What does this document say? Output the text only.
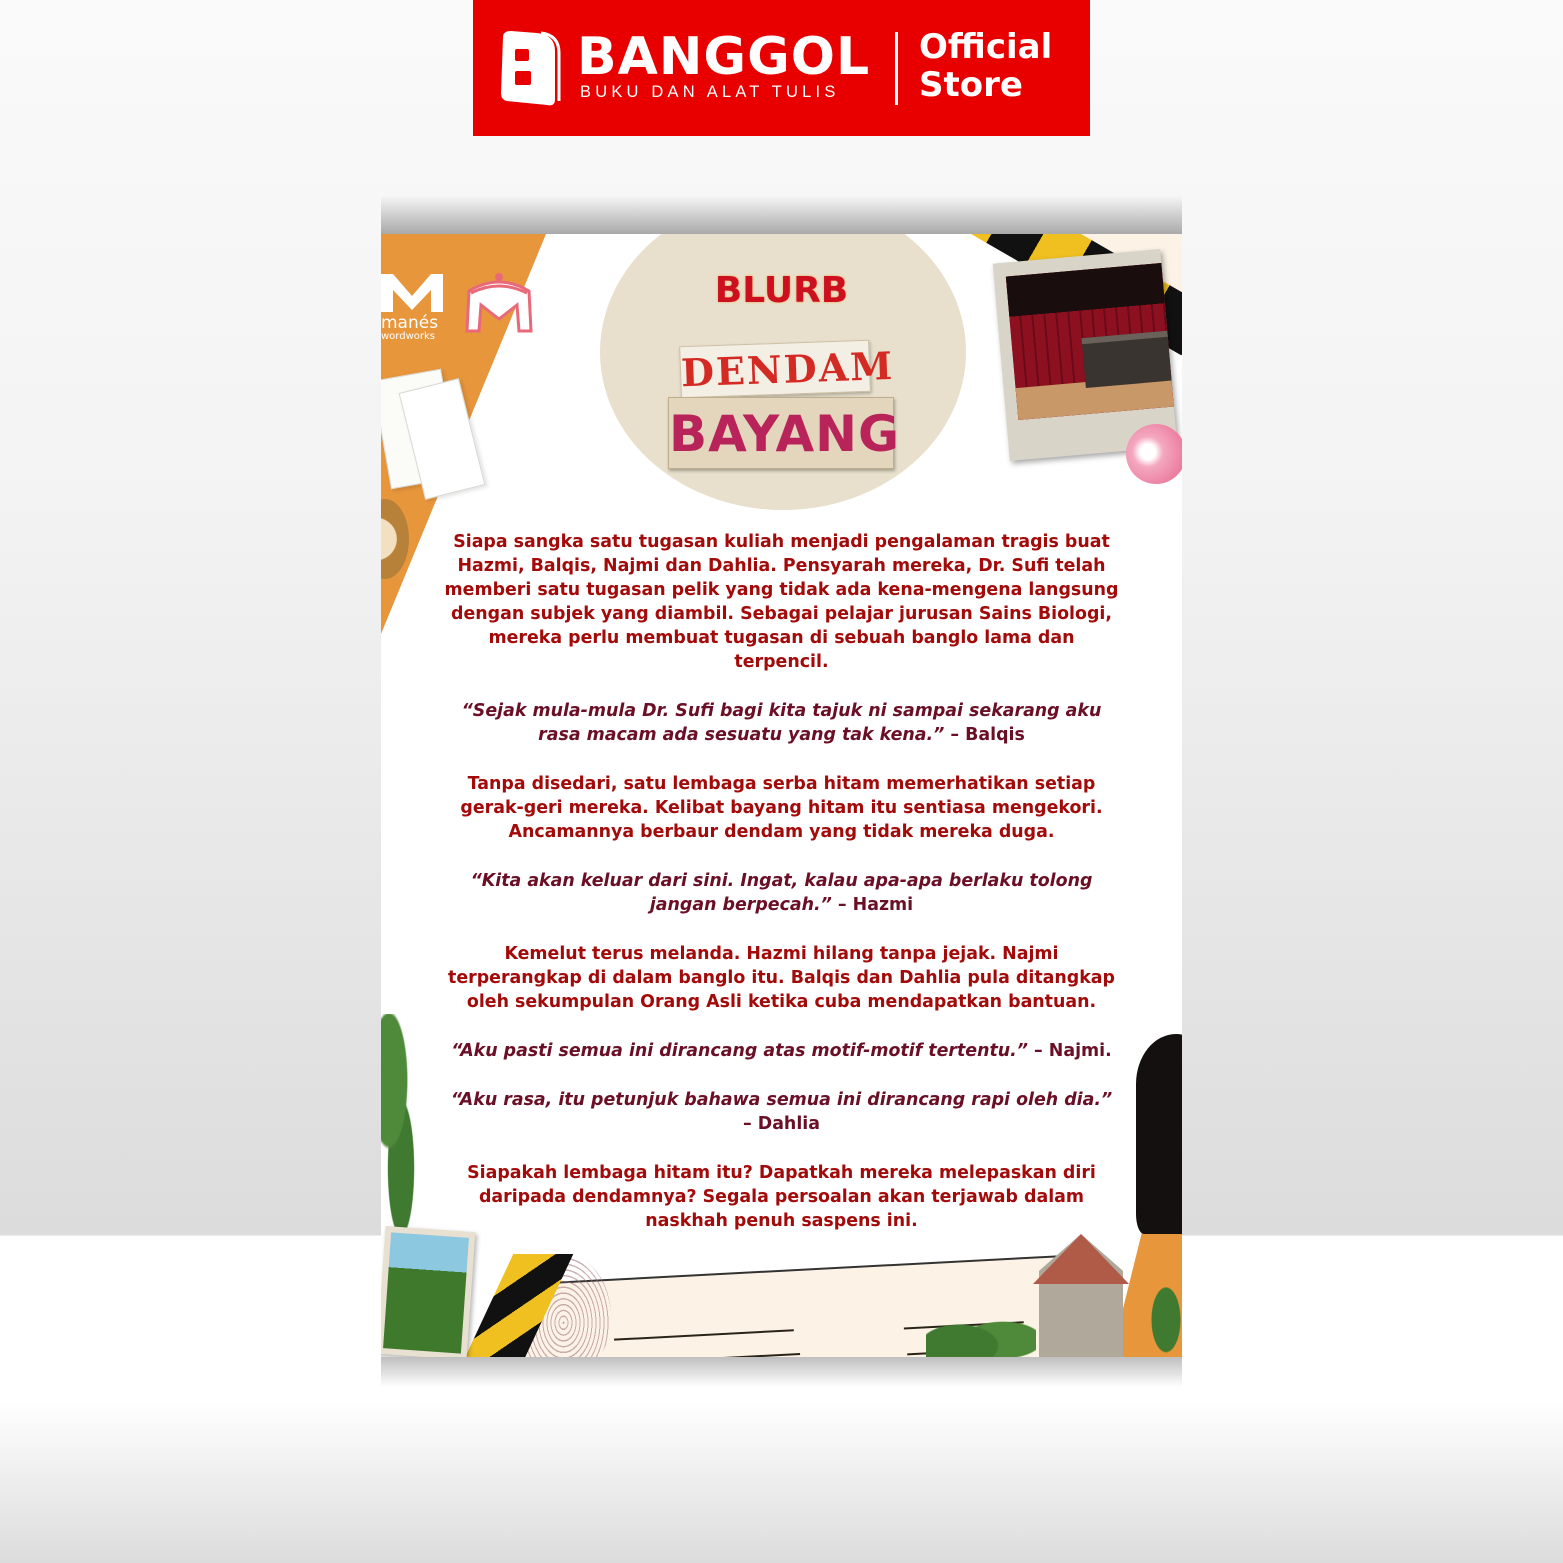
BANGGOL
BUKU DAN ALAT TULIS
Official
Store
manés
wordworks
BLURB
DENDAM
BAYANG
Siapa sangka satu tugasan kuliah menjadi pengalaman tragis buat
Hazmi, Balqis, Najmi dan Dahlia. Pensyarah mereka, Dr. Sufi telah
memberi satu tugasan pelik yang tidak ada kena-mengena langsung
dengan subjek yang diambil. Sebagai pelajar jurusan Sains Biologi,
mereka perlu membuat tugasan di sebuah banglo lama dan
terpencil.
“Sejak mula-mula Dr. Sufi bagi kita tajuk ni sampai sekarang aku
rasa macam ada sesuatu yang tak kena.” – Balqis
Tanpa disedari, satu lembaga serba hitam memerhatikan setiap
gerak-geri mereka. Kelibat bayang hitam itu sentiasa mengekori.
Ancamannya berbaur dendam yang tidak mereka duga.
“Kita akan keluar dari sini. Ingat, kalau apa-apa berlaku tolong
jangan berpecah.” – Hazmi
Kemelut terus melanda. Hazmi hilang tanpa jejak. Najmi
terperangkap di dalam banglo itu. Balqis dan Dahlia pula ditangkap
oleh sekumpulan Orang Asli ketika cuba mendapatkan bantuan.
“Aku pasti semua ini dirancang atas motif-motif tertentu.” – Najmi.
“Aku rasa, itu petunjuk bahawa semua ini dirancang rapi oleh dia.”
– Dahlia
Siapakah lembaga hitam itu? Dapatkah mereka melepaskan diri
daripada dendamnya? Segala persoalan akan terjawab dalam
naskhah penuh saspens ini.
